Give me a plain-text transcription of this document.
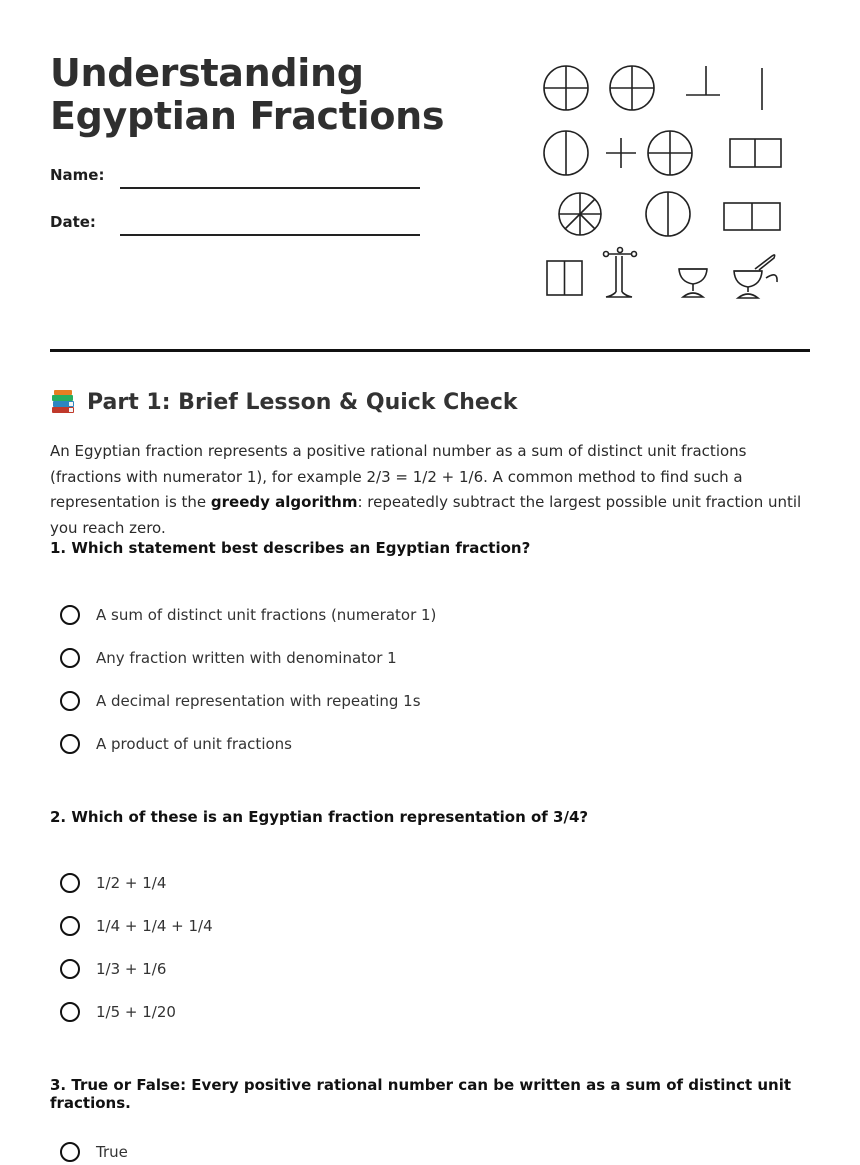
Understanding Egyptian Fractions
Name:
Date:
Part 1: Brief Lesson & Quick Check

An Egyptian fraction represents a positive rational number as a sum of distinct unit fractions (fractions with numerator 1), for example 2/3 = 1/2 + 1/6. A common method to find such a representation is the greedy algorithm: repeatedly subtract the largest possible unit fraction until you reach zero.

1. Which statement best describes an Egyptian fraction?
A sum of distinct unit fractions (numerator 1)
Any fraction written with denominator 1
A decimal representation with repeating 1s
A product of unit fractions
2. Which of these is an Egyptian fraction representation of 3/4?
1/2 + 1/4
1/4 + 1/4 + 1/4
1/3 + 1/6
1/5 + 1/20
3. True or False: Every positive rational number can be written as a sum of distinct unit fractions.
True
